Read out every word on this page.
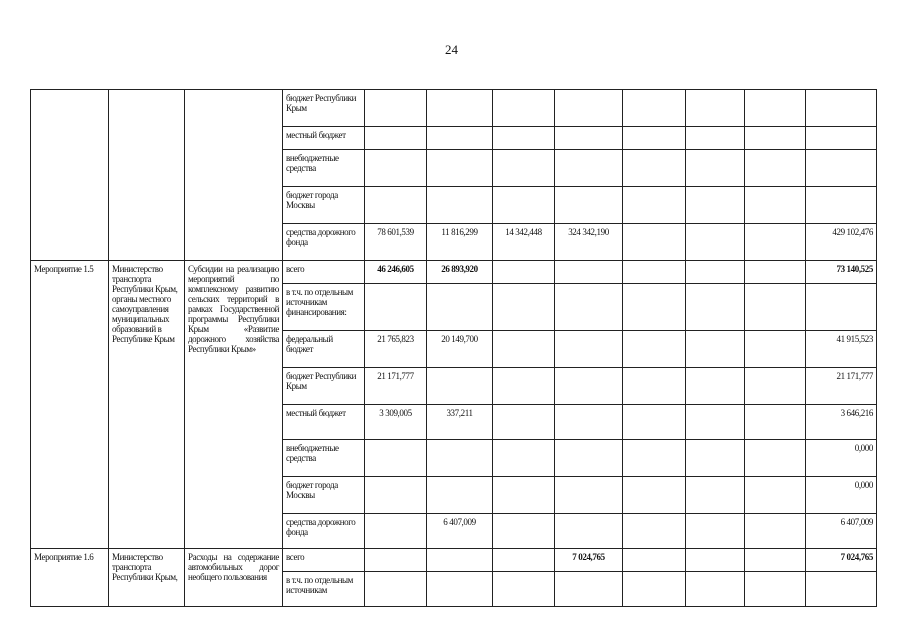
24
			бюджет Республики Крым								
			местный бюджет								
			внебюджетные средства								
			бюджет города Москвы								
			средства дорожного фонда	78 601,539	11 816,299	14 342,448	324 342,190				429 102,476
Мероприятие 1.5	Министерство транспорта Республики Крым, органы местного самоуправления муниципальных образований в Республике Крым	Субсидии на реализацию мероприятий по комплексному развитию сельских территорий в рамках Государственной программы Республики Крым «Развитие дорожного хозяйства Республики Крым»	всего	46 246,605	26 893,920						73 140,525
			в т.ч. по отдельным источникам финансирования:								
			федеральный бюджет	21 765,823	20 149,700						41 915,523
			бюджет Республики Крым	21 171,777							21 171,777
			местный бюджет	3 309,005	337,211						3 646,216
			внебюджетные средства								0,000
			бюджет города Москвы								0,000
			средства дорожного фонда		6 407,009						6 407,009
Мероприятие 1.6	Министерство транспорта Республики Крым,	Расходы на содержание автомобильных дорог необщего пользования	всего				7 024,765				7 024,765
			в т.ч. по отдельным источникам								
